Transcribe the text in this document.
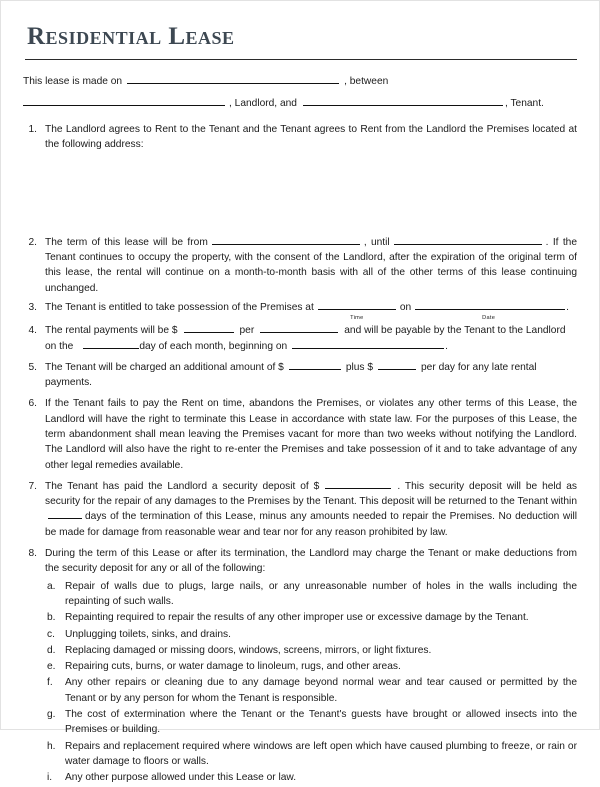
Residential Lease
This lease is made on	, between
, Landlord, and	, Tenant.
1. The Landlord agrees to Rent to the Tenant and the Tenant agrees to Rent from the Landlord the Premises located at the following address:
2. The term of this lease will be from	, until	. If the Tenant continues to occupy the property, with the consent of the Landlord, after the expiration of the original term of this lease, the rental will continue on a month-to-month basis with all of the other terms of this lease continuing unchanged.
3. The Tenant is entitled to take possession of the Premises at
Time
on
Date
.
4. The rental payments will be $	per	and will be payable by the Tenant to the Landlord on the	day of each month, beginning on	.
5. The Tenant will be charged an additional amount of $	plus $	per day for any late rental payments.
6. If the Tenant fails to pay the Rent on time, abandons the Premises, or violates any other terms of this Lease, the Landlord will have the right to terminate this Lease in accordance with state law. For the purposes of this Lease, the term abandonment shall mean leaving the Premises vacant for more than two weeks without notifying the Landlord. The Landlord will also have the right to re-enter the Premises and take possession of it and to take advantage of any other legal remedies available.
7. The Tenant has paid the Landlord a security deposit of $	. This security deposit will be held as security for the repair of any damages to the Premises by the Tenant. This deposit will be returned to the Tenant withindays of the termination of this Lease, minus any amounts needed to repair the Premises. No deduction will be made for damage from reasonable wear and tear nor for any reason prohibited by law.
8. During the term of this Lease or after its termination, the Landlord may charge the Tenant or make deductions from the security deposit for any or all of the following:
a. Repair of walls due to plugs, large nails, or any unreasonable number of holes in the walls including the repainting of such walls.
b. Repainting required to repair the results of any other improper use or excessive damage by the Tenant.
c. Unplugging toilets, sinks, and drains.
d. Replacing damaged or missing doors, windows, screens, mirrors, or light fixtures.
e. Repairing cuts, burns, or water damage to linoleum, rugs, and other areas.
f.	Any other repairs or cleaning due to any damage beyond normal wear and tear caused or permitted by the Tenant or by any person for whom the Tenant is responsible.
g. The cost of extermination where the Tenant or the Tenant's guests have brought or allowed insects into the Premises or building.
h. Repairs and replacement required where windows are left open which have caused plumbing to freeze, or rain or water damage to floors or walls.
i.	Any other purpose allowed under this Lease or law.
